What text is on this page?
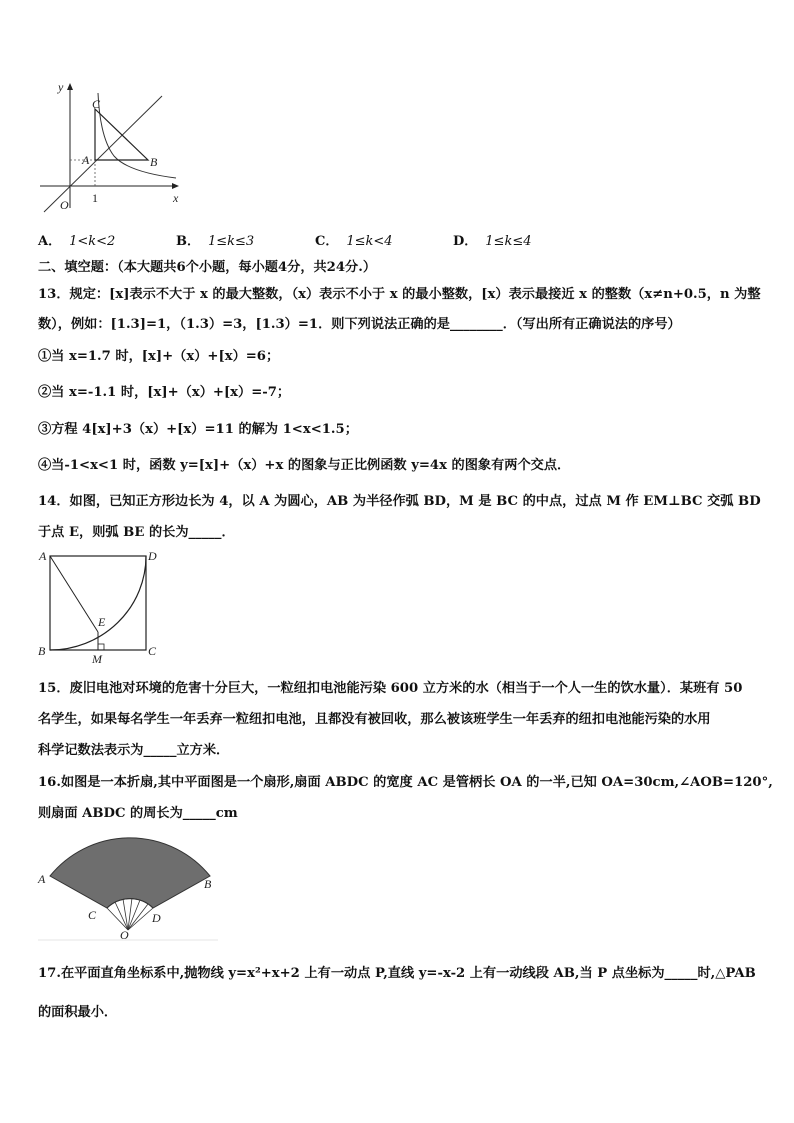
y
x
O 1
A	B
C
A． 1<k<2	B． 1≤k≤3	C． 1≤k<4	D． 1≤k≤4
二、填空题：（本大题共6个小题，每小题4分，共24分.）
13．规定：[x]表示不大于 x 的最大整数，（x）表示不小于 x 的最小整数，[x）表示最接近 x 的整数（x≠n+0.5，n 为整
数），例如：[1.3]=1，（1.3）=3，[1.3）=1．则下列说法正确的是________．（写出所有正确说法的序号）
①当 x=1.7 时，[x]+（x）+[x）=6；
②当 x=-1.1 时，[x]+（x）+[x）=-7；
③方程 4[x]+3（x）+[x）=11 的解为 1<x<1.5；
④当-1<x<1 时，函数 y=[x]+（x）+x 的图象与正比例函数 y=4x 的图象有两个交点．
14．如图，已知正方形边长为 4，以 A 为圆心，AB 为半径作弧 BD，M 是 BC 的中点，过点 M 作 EM⊥BC 交弧 BD
于点 E，则弧 BE 的长为_____．
A	D
B	C
E
M
15．废旧电池对环境的危害十分巨大，一粒纽扣电池能污染 600 立方米的水（相当于一个人一生的饮水量）．某班有 50
名学生，如果每名学生一年丢弃一粒纽扣电池，且都没有被回收，那么被该班学生一年丢弃的纽扣电池能污染的水用
科学记数法表示为_____立方米．
16.如图是一本折扇,其中平面图是一个扇形,扇面 ABDC 的宽度 AC 是管柄长 OA 的一半,已知 OA=30cm,∠AOB=120°,
则扇面 ABDC 的周长为_____cm
A	B
C	D
O
17.在平面直角坐标系中,抛物线 y=x²+x+2 上有一动点 P,直线 y=-x-2 上有一动线段 AB,当 P 点坐标为_____时,△PAB
的面积最小．
